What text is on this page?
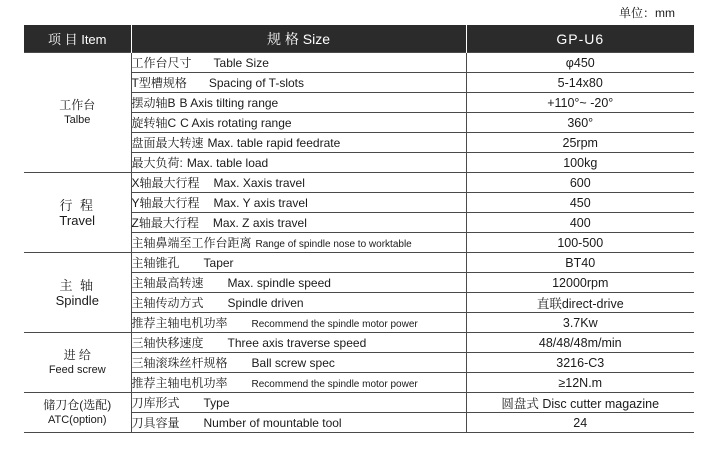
单位：mm
项 目 Item	规 格 Size	GP-U6

工作台
Talbe	工作台尺寸 Table Size	φ450
	T型槽规格 Spacing of T-slots	5-14x80
	摆动轴B B Axis tilting range	+110°~ -20°
	旋转轴C C Axis rotating range	360°
	盘面最大转速 Max. table rapid feedrate	25rpm
	最大负荷: Max. table load	100kg

行 程
Travel	X轴最大行程 Max. Xaxis travel	600
	Y轴最大行程 Max. Y axis travel	450
	Z轴最大行程 Max. Z axis travel	400
	主轴鼻端至工作台距离 Range of spindle nose to worktable	100-500

主 轴
Spindle	主轴锥孔 Taper	BT40
	主轴最高转速 Max. spindle speed	12000rpm
	主轴传动方式 Spindle driven	直联direct-drive
	推荐主轴电机功率 Recommend the spindle motor power	3.7Kw

进 给
Feed screw	三轴快移速度 Three axis traverse speed	48/48/48m/min
	三轴滚珠丝杆规格 Ball screw spec	3216-C3
	推荐主轴电机功率 Recommend the spindle motor power	≥12N.m

储刀仓(选配)
ATC(option)	刀库形式 Type	圆盘式 Disc cutter magazine
	刀具容量 Number of mountable tool	24
